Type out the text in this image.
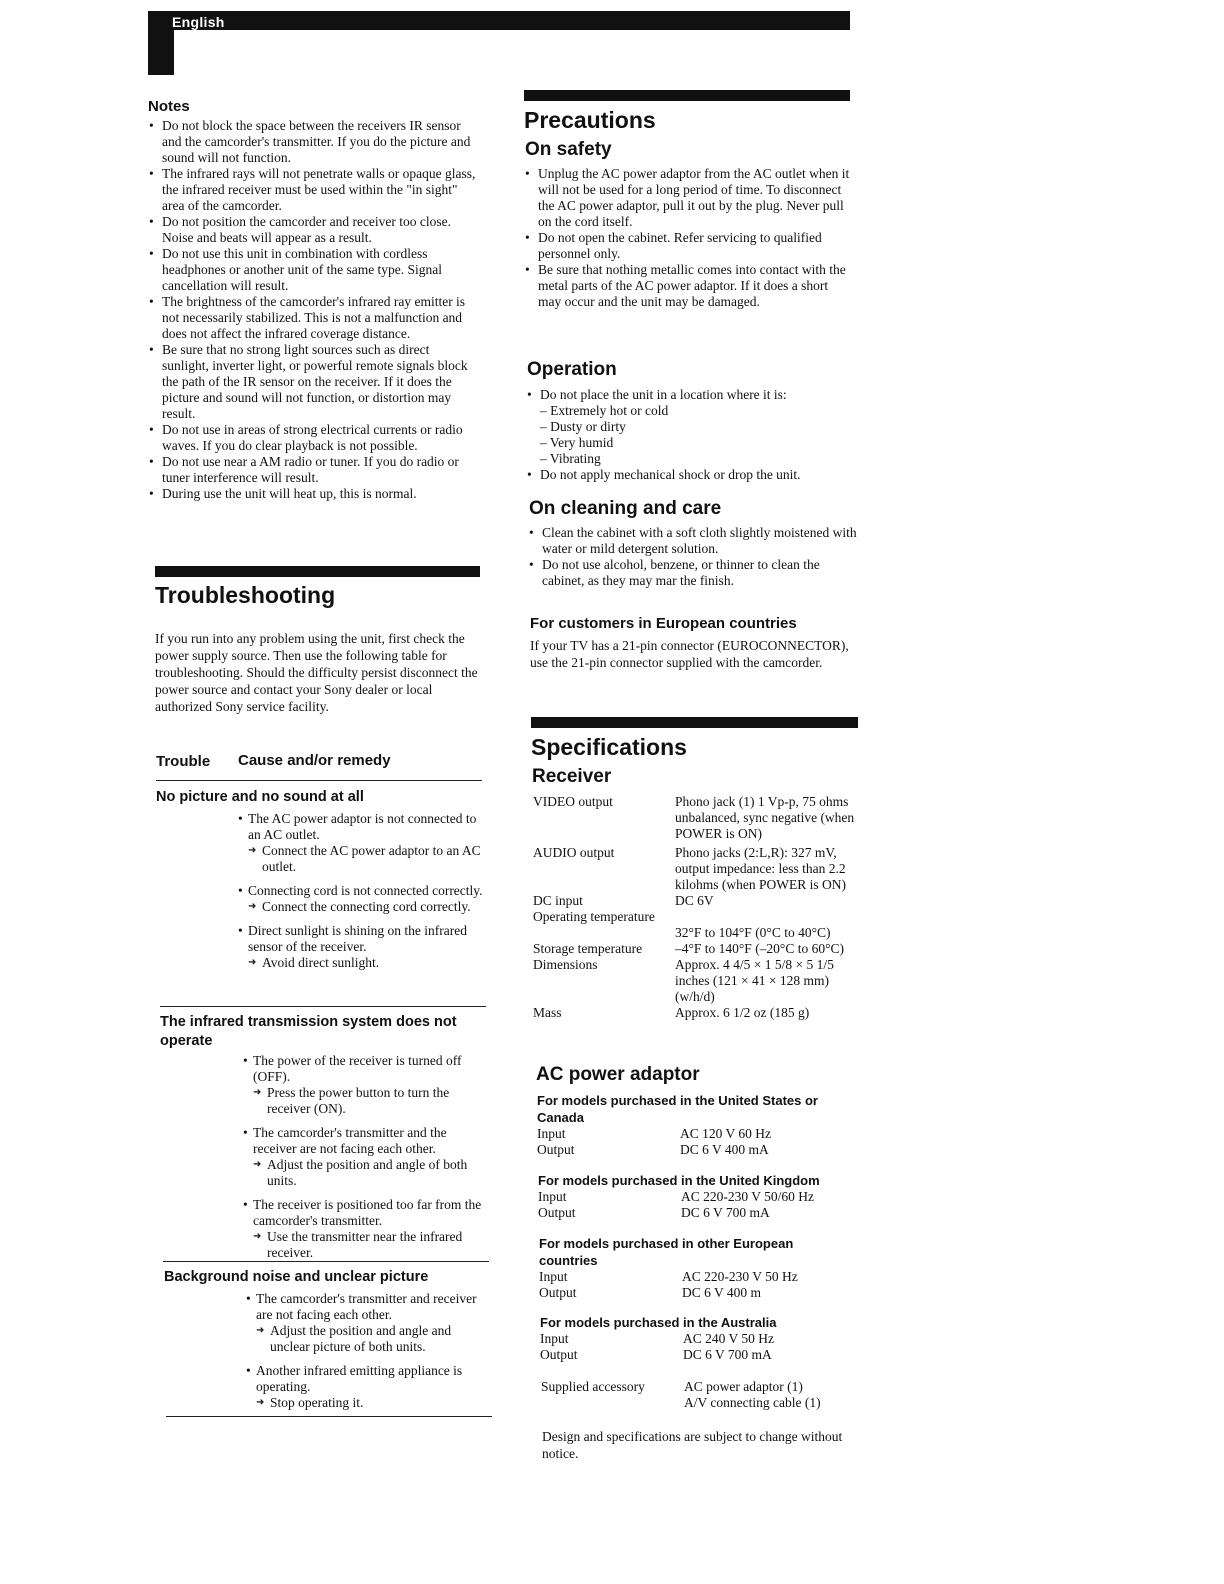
English
Notes
• Do not block the space between the receivers IR sensor and the camcorder's transmitter. If you do the picture and sound will not function.
• The infrared rays will not penetrate walls or opaque glass, the infrared receiver must be used within the "in sight" area of the camcorder.
• Do not position the camcorder and receiver too close. Noise and beats will appear as a result.
• Do not use this unit in combination with cordless headphones or another unit of the same type. Signal cancellation will result.
• The brightness of the camcorder's infrared ray emitter is not necessarily stabilized. This is not a malfunction and does not affect the infrared coverage distance.
• Be sure that no strong light sources such as direct sunlight, inverter light, or powerful remote signals block the path of the IR sensor on the receiver. If it does the picture and sound will not function, or distortion may result.
• Do not use in areas of strong electrical currents or radio waves. If you do clear playback is not possible.
• Do not use near a AM radio or tuner. If you do radio or tuner interference will result.
• During use the unit will heat up, this is normal.
Troubleshooting
If you run into any problem using the unit, first check the power supply source. Then use the following table for troubleshooting. Should the difficulty persist disconnect the power source and contact your Sony dealer or local authorized Sony service facility.
Trouble Cause and/or remedy
No picture and no sound at all
• The AC power adaptor is not connected to an AC outlet.
➜ Connect the AC power adaptor to an AC outlet.
• Connecting cord is not connected correctly.
➜ Connect the connecting cord correctly.
• Direct sunlight is shining on the infrared sensor of the receiver.
➜ Avoid direct sunlight.
The infrared transmission system does not operate
• The power of the receiver is turned off (OFF).
➜ Press the power button to turn the receiver (ON).
• The camcorder's transmitter and the receiver are not facing each other.
➜ Adjust the position and angle of both units.
• The receiver is positioned too far from the camcorder's transmitter.
➜ Use the transmitter near the infrared receiver.
Background noise and unclear picture
• The camcorder's transmitter and receiver are not facing each other.
➜ Adjust the position and angle and unclear picture of both units.
• Another infrared emitting appliance is operating.
➜ Stop operating it.
Precautions
On safety
• Unplug the AC power adaptor from the AC outlet when it will not be used for a long period of time. To disconnect the AC power adaptor, pull it out by the plug. Never pull on the cord itself.
• Do not open the cabinet. Refer servicing to qualified personnel only.
• Be sure that nothing metallic comes into contact with the metal parts of the AC power adaptor. If it does a short may occur and the unit may be damaged.
Operation
• Do not place the unit in a location where it is:
– Extremely hot or cold
– Dusty or dirty
– Very humid
– Vibrating
• Do not apply mechanical shock or drop the unit.
On cleaning and care
• Clean the cabinet with a soft cloth slightly moistened with water or mild detergent solution.
• Do not use alcohol, benzene, or thinner to clean the cabinet, as they may mar the finish.
For customers in European countries
If your TV has a 21-pin connector (EUROCONNECTOR), use the 21-pin connector supplied with the camcorder.
Specifications
Receiver
VIDEO output	Phono jack (1) 1 Vp-p, 75 ohms unbalanced, sync negative (when POWER is ON)
AUDIO output	Phono jacks (2:L,R): 327 mV, output impedance: less than 2.2 kilohms (when POWER is ON)
DC input	DC 6V
Operating temperature
32°F to 104°F (0°C to 40°C)
Storage temperature	–4°F to 140°F (–20°C to 60°C)
Dimensions	Approx. 4 4/5 × 1 5/8 × 5 1/5 inches (121 × 41 × 128 mm) (w/h/d)
Mass	Approx. 6 1/2 oz (185 g)
AC power adaptor
For models purchased in the United States or Canada
Input	AC 120 V 60 Hz
Output	DC 6 V 400 mA
For models purchased in the United Kingdom
Input	AC 220-230 V 50/60 Hz
Output	DC 6 V 700 mA
For models purchased in other European countries
Input	AC 220-230 V 50 Hz
Output	DC 6 V 400 m
For models purchased in the Australia
Input	AC 240 V 50 Hz
Output	DC 6 V 700 mA
Supplied accessory	AC power adaptor (1)
A/V connecting cable (1)
Design and specifications are subject to change without notice.
